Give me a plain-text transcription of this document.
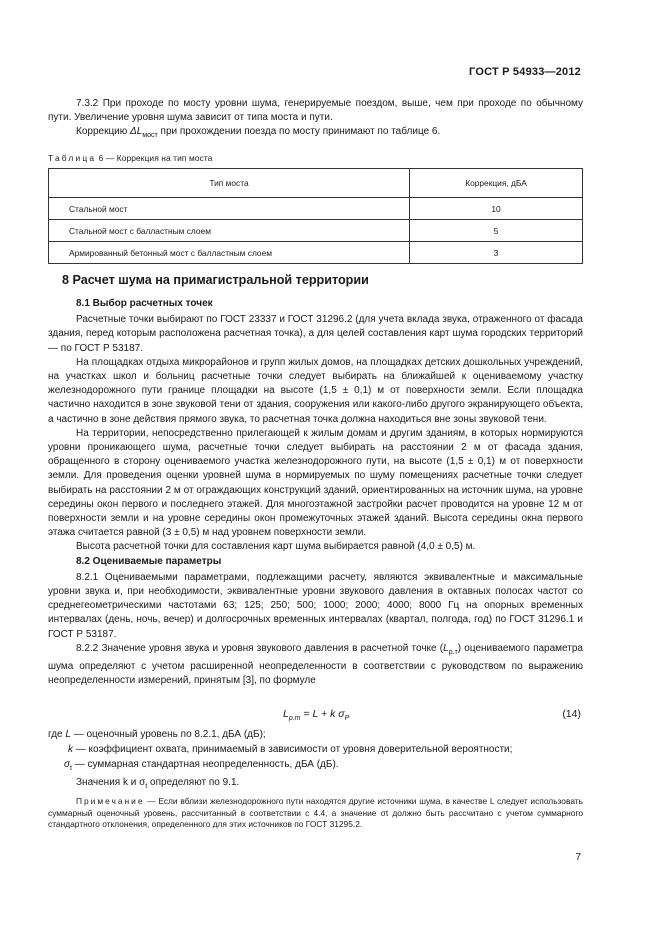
ГОСТ Р 54933—2012

7.3.2 При проходе по мосту уровни шума, генерируемые поездом, выше, чем при проходе по обычному пути. Увеличение уровня шума зависит от типа моста и пути.

Коррекцию $\Delta L_{мост}$ при прохождении поезда по мосту принимают по таблице 6.

Таблица 6 — Коррекция на тип моста
Тип моста	Коррекция, дБА
Стальной мост	10
Стальной мост с балластным слоем	5
Армированный бетонный мост с балластным слоем	3
8 Расчет шума на примагистральной территории

8.1 Выбор расчетных точек

Расчетные точки выбирают по ГОСТ 23337 и ГОСТ 31296.2 (для учета вклада звука, отраженного от фасада здания, перед которым расположена расчетная точка), а для целей составления карт шума городских территорий — по ГОСТ Р 53187.

На площадках отдыха микрорайонов и групп жилых домов, на площадках детских дошкольных учреждений, на участках школ и больниц расчетные точки следует выбирать на ближайшей к оцениваемому участку железнодорожного пути границе площадки на высоте (1,5 ± 0,1) м от поверхности земли. Если площадка частично находится в зоне звуковой тени от здания, сооружения или какого-либо другого экранирующего объекта, а частично в зоне действия прямого звука, то расчетная точка должна находиться вне зоны звуковой тени.

На территории, непосредственно прилегающей к жилым домам и другим зданиям, в которых нормируются уровни проникающего шума, расчетные точки следует выбирать на расстоянии 2 м от фасада здания, обращенного в сторону оцениваемого участка железнодорожного пути, на высоте (1,5 ± 0,1) м от поверхности земли. Для проведения оценки уровней шума в нормируемых по шуму помещениях расчетные точки следует выбирать на расстоянии 2 м от ограждающих конструкций зданий, ориентированных на источник шума, на уровне середины окон первого и последнего этажей. Для многоэтажной застройки расчет проводится на уровне 12 м от поверхности земли и на уровне середины окон промежуточных этажей зданий. Высота середины окна первого этажа считается равной (3 ± 0,5) м над уровнем поверхности земли.

Высота расчетной точки для составления карт шума выбирается равной (4,0 ± 0,5) м.

8.2 Оцениваемые параметры

8.2.1 Оцениваемыми параметрами, подлежащими расчету, являются эквивалентные и максимальные уровни звука и, при необходимости, эквивалентные уровни звукового давления в октавных полосах частот со среднегеометрическими частотами 63; 125; 250; 500; 1000; 2000; 4000; 8000 Гц на опорных временных интервалах (день, ночь, вечер) и долгосрочных временных интервалах (квартал, полгода, год) по ГОСТ 31296.1 и ГОСТ Р 53187.

8.2.2 Значение уровня звука и уровня звукового давления в расчетной точке $(L_{р.т})$ оцениваемого параметра шума определяют с учетом расширенной неопределенности в соответствии с руководством по выражению неопределенности измерений, принятым [3], по формуле

$L_{р.т} = L + k$ $\sigma_Р$	(14)
где L — оценочный уровень по 8.2.1, дБА (дБ);
k — коэффициент охвата, принимаемый в зависимости от уровня доверительной вероятности;
$\sigma_t$ — суммарная стандартная неопределенность, дБА (дБ).
Значения k и $\sigma_t$ определяют по 9.1.
Примечание — Если вблизи железнодорожного пути находятся другие источники шума, в качестве L следует использовать суммарный оценочный уровень, рассчитанный в соответствии с 4.4, а значение σt должно быть рассчитано с учетом суммарного стандартного отклонения, определенного для этих источников по ГОСТ 31295.2.
7
